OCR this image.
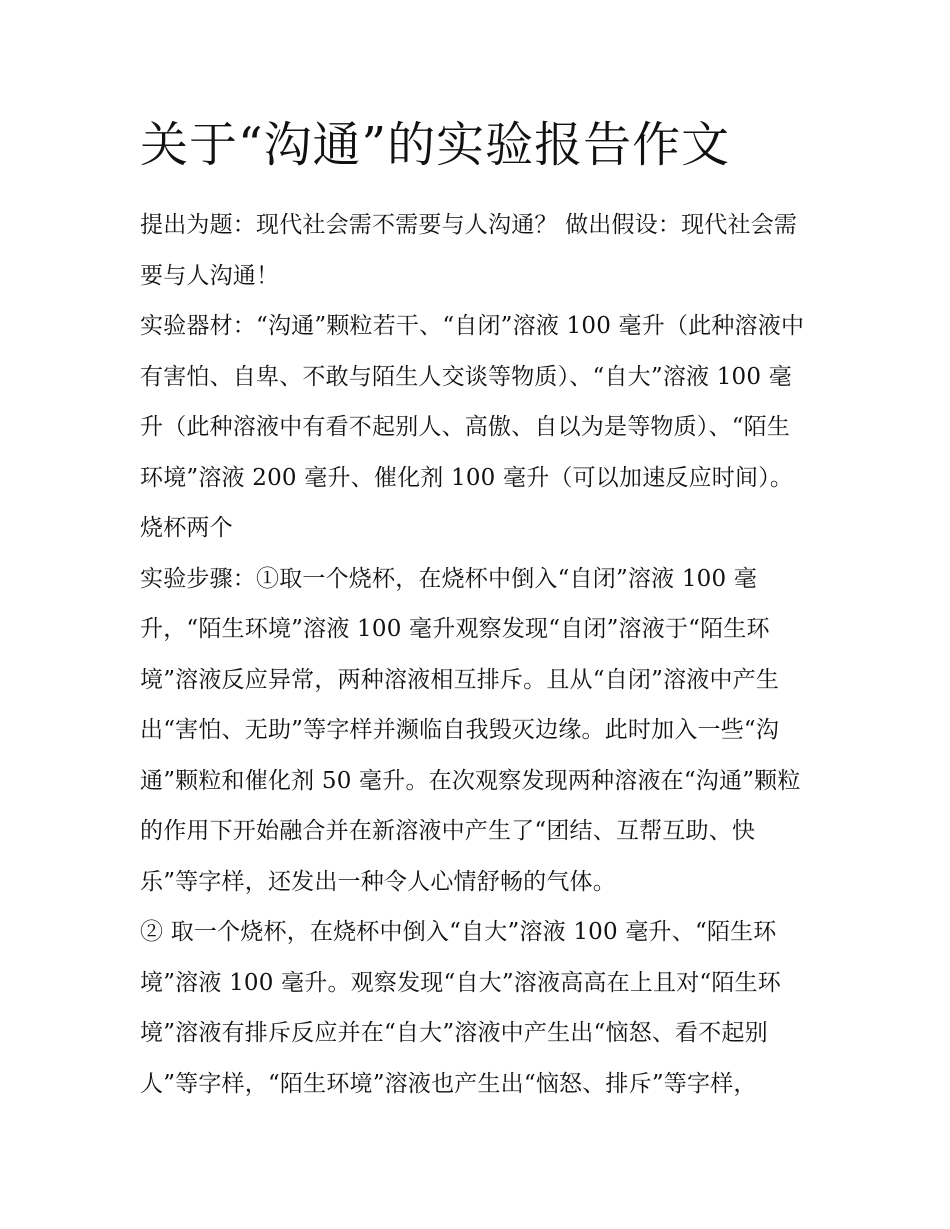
关于“沟通”的实验报告作文

提出为题：现代社会需不需要与人沟通？ 做出假设：现代社会需要与人沟通！

实验器材：“沟通”颗粒若干、“自闭”溶液 100 毫升（此种溶液中有害怕、自卑、不敢与陌生人交谈等物质）、“自大”溶液 100 毫升（此种溶液中有看不起别人、高傲、自以为是等物质）、“陌生环境”溶液 200 毫升、催化剂 100 毫升（可以加速反应时间）。烧杯两个

实验步骤：①取一个烧杯，在烧杯中倒入“自闭”溶液 100 毫升，“陌生环境”溶液 100 毫升观察发现“自闭”溶液于“陌生环境”溶液反应异常，两种溶液相互排斥。且从“自闭”溶液中产生出“害怕、无助”等字样并濒临自我毁灭边缘。此时加入一些“沟通”颗粒和催化剂 50 毫升。在次观察发现两种溶液在“沟通”颗粒的作用下开始融合并在新溶液中产生了“团结、互帮互助、快乐”等字样，还发出一种令人心情舒畅的气体。

② 取一个烧杯，在烧杯中倒入“自大”溶液 100 毫升、“陌生环境”溶液 100 毫升。观察发现“自大”溶液高高在上且对“陌生环境”溶液有排斥反应并在“自大”溶液中产生出“恼怒、看不起别人”等字样，“陌生环境”溶液也产生出“恼怒、排斥”等字样，
